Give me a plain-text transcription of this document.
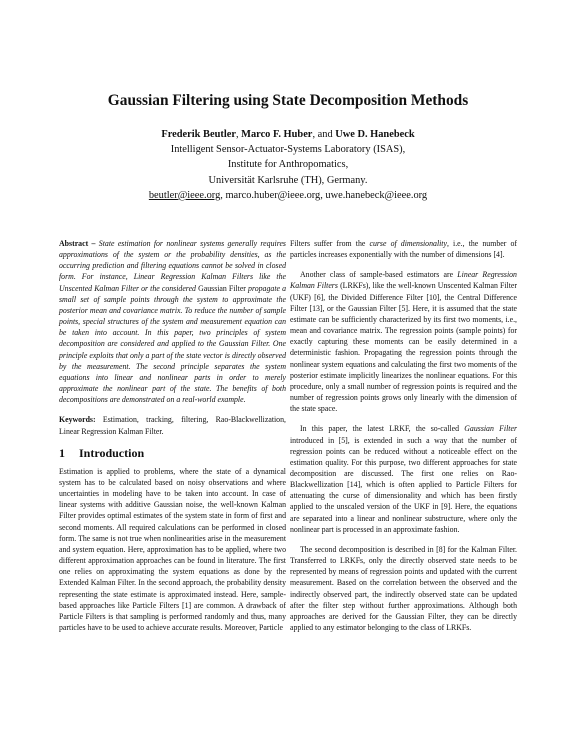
Gaussian Filtering using State Decomposition Methods
Frederik Beutler, Marco F. Huber, and Uwe D. Hanebeck
Intelligent Sensor-Actuator-Systems Laboratory (ISAS),
Institute for Anthropomatics,
Universität Karlsruhe (TH), Germany.
beutler@ieee.org, marco.huber@ieee.org, uwe.hanebeck@ieee.org

Abstract – State estimation for nonlinear systems generally requires approximations of the system or the probability densities, as the occurring prediction and filtering equations cannot be solved in closed form. For instance, Linear Regression Kalman Filters like the Unscented Kalman Filter or the considered Gaussian Filter propagate a small set of sample points through the system to approximate the posterior mean and covariance matrix. To reduce the number of sample points, special structures of the system and measurement equation can be taken into account. In this paper, two principles of system decomposition are considered and applied to the Gaussian Filter. One principle exploits that only a part of the state vector is directly observed by the measurement. The second principle separates the system equations into linear and nonlinear parts in order to merely approximate the nonlinear part of the state. The benefits of both decompositions are demonstrated on a real-world example.

Keywords: Estimation, tracking, filtering, Rao-Blackwellization, Linear Regression Kalman Filter.

1 Introduction

Estimation is applied to problems, where the state of a dynamical system has to be calculated based on noisy observations and where uncertainties in modeling have to be taken into account. In case of linear systems with additive Gaussian noise, the well-known Kalman Filter provides optimal estimates of the system state in form of first and second moments. All required calculations can be performed in closed form. The same is not true when nonlinearities arise in the measurement and system equation. Here, approximation has to be applied, where two different approximation approaches can be found in literature. The first one relies on approximating the system equations as done by the Extended Kalman Filter. In the second approach, the probability density representing the state estimate is approximated instead. Here, sample-based approaches like Particle Filters [1] are common. A drawback of Particle Filters is that sampling is performed randomly and thus, many particles have to be used to achieve accurate results. Moreover, Particle

Filters suffer from the curse of dimensionality, i.e., the number of particles increases exponentially with the number of dimensions [4].

Another class of sample-based estimators are Linear Regression Kalman Filters (LRKFs), like the well-known Unscented Kalman Filter (UKF) [6], the Divided Difference Filter [10], the Central Difference Filter [13], or the Gaussian Filter [5]. Here, it is assumed that the state estimate can be sufficiently characterized by its first two moments, i.e., mean and covariance matrix. The regression points (sample points) for exactly capturing these moments can be easily determined in a deterministic fashion. Propagating the regression points through the nonlinear system equations and calculating the first two moments of the posterior estimate implicitly linearizes the nonlinear equations. For this procedure, only a small number of regression points is required and the number of regression points grows only linearly with the dimension of the state space.

In this paper, the latest LRKF, the so-called Gaussian Filter introduced in [5], is extended in such a way that the number of regression points can be reduced without a noticeable effect on the estimation quality. For this purpose, two different approaches for state decomposition are discussed. The first one relies on Rao-Blackwellization [14], which is often applied to Particle Filters for attenuating the curse of dimensionality and which has been firstly applied to the unscaled version of the UKF in [9]. Here, the equations are separated into a linear and nonlinear substructure, where only the nonlinear part is processed in an approximate fashion.

The second decomposition is described in [8] for the Kalman Filter. Transferred to LRKFs, only the directly observed state needs to be represented by means of regression points and updated with the current measurement. Based on the correlation between the observed and the indirectly observed part, the indirectly observed state can be updated after the filter step without further approximations. Although both approaches are derived for the Gaussian Filter, they can be directly applied to any estimator belonging to the class of LRKFs.
